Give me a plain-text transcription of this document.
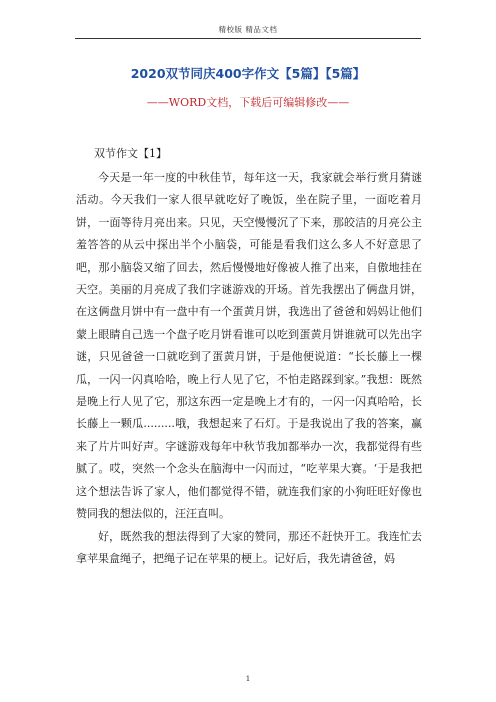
精校版 精品文档
2020双节同庆400字作文【5篇】【5篇】
——WORD文档，下载后可编辑修改——
双节作文【1】

今天是一年一度的中秋佳节，每年这一天，我家就会举行赏月猜谜活动。今天我们一家人很早就吃好了晚饭，坐在院子里，一面吃着月饼，一面等待月亮出来。只见，天空慢慢沉了下来，那皎洁的月亮公主羞答答的从云中探出半个小脑袋，可能是看我们这么多人不好意思了吧，那小脑袋又缩了回去，然后慢慢地好像被人推了出来，自傲地挂在天空。美丽的月亮成了我们字谜游戏的开场。首先我摆出了俩盘月饼，在这俩盘月饼中有一盘中有一个蛋黄月饼，我选出了爸爸和妈妈让他们蒙上眼睛自己选一个盘子吃月饼看谁可以吃到蛋黄月饼谁就可以先出字谜，只见爸爸一口就吃到了蛋黄月饼，于是他便说道：“长长藤上一棵瓜，一闪一闪真哈哈，晚上行人见了它，不怕走路踩到家。”我想：既然是晚上行人见了它，那这东西一定是晚上才有的，一闪一闪真哈哈，长长藤上一颗瓜.........哦，我想起来了石灯。于是我说出了我的答案，赢来了片片叫好声。字谜游戏每年中秋节我加都举办一次，我都觉得有些腻了。哎，突然一个念头在脑海中一闪而过，“吃苹果大赛。‘于是我把这个想法告诉了家人，他们都觉得不错，就连我们家的小狗旺旺好像也赞同我的想法似的，汪汪直叫。

好，既然我的想法得到了大家的赞同，那还不赶快开工。我连忙去拿苹果盒绳子，把绳子记在苹果的梗上。记好后，我先请爸爸，妈

1
